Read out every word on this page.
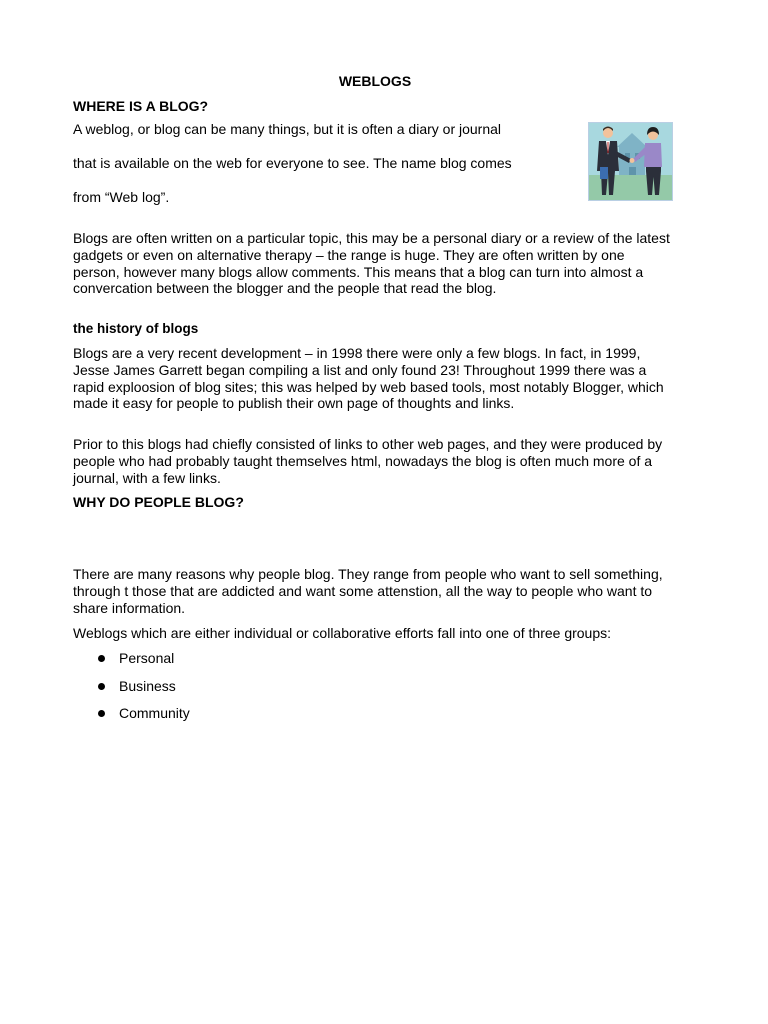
WEBLOGS

WHERE IS A BLOG?

A weblog, or blog can be many things, but it is often a diary or journal

that is available on the web for everyone to see. The name blog comes

from “Web log”.

Blogs are often written on a particular topic, this may be a personal diary or a review of the latest gadgets or even on alternative therapy – the range is huge. They are often written by one person, however many blogs allow comments. This means that a blog can turn into almost a convercation between the blogger and the people that read the blog.

the history of blogs

Blogs are a very recent development – in 1998 there were only a few blogs. In fact, in 1999, Jesse James Garrett began compiling a list and only found 23! Throughout 1999 there was a rapid exploosion of blog sites; this was helped by web based tools, most notably Blogger, which made it easy for people to publish their own page of thoughts and links.

Prior to this blogs had chiefly consisted of links to other web pages, and they were produced by people who had probably taught themselves html, nowadays the blog is often much more of a journal, with a few links.

WHY DO PEOPLE BLOG?

There are many reasons why people blog. They range from people who want to sell something, through t those that are addicted and want some attenstion, all the way to people who want to share information.

Weblogs which are either individual or collaborative efforts fall into one of three groups:

Personal
Business
Community
